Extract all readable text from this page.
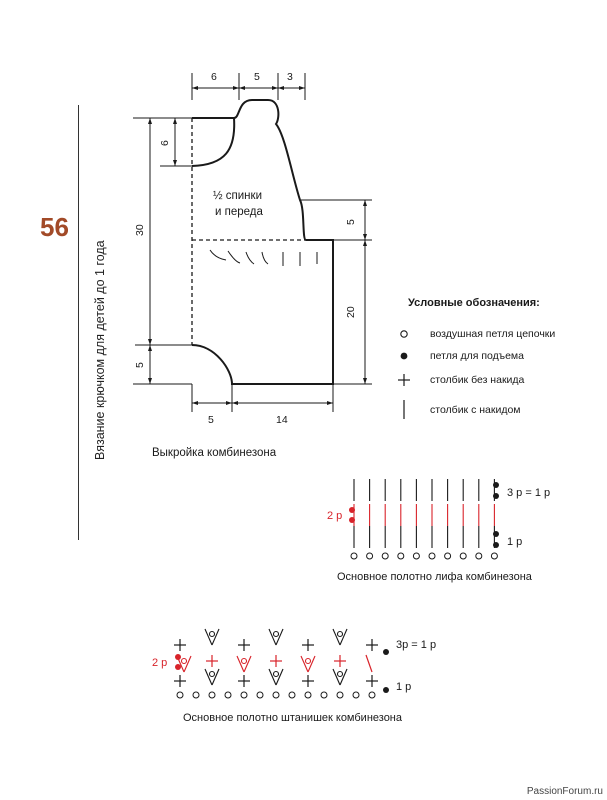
56
Вязание крючком для детей до 1 года
6	5	3
6
30
5
5
20
5	14
½ спинки
и переда
3 р = 1 р
2 р
1 р
3р = 1 р
2 р
1 р
Выкройка комбинезона
Условные обозначения:
воздушная петля цепочки
петля для подъема
столбик без накида
столбик с накидом
Основное полотно лифа комбинезона
Основное полотно штанишек комбинезона
PassionForum.ru
